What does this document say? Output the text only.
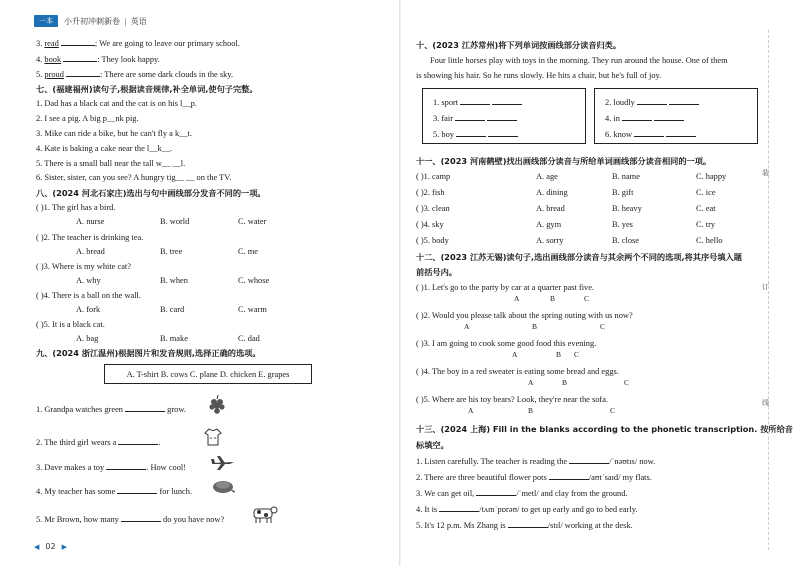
一本	小升初冲刺新卷 | 英语
3. read	; We are going to leave our primary school.
4. book	: They look happy.
5. proud	: There are some dark clouds in the sky.
七、(福建福州)读句子,根据读音规律,补全单词,使句子完整。
1. Dad has a black cat and the cat is on his l__p.
2. I see a pig. A big p__nk pig.
3. Mike can ride a bike, but he can't fly a k__t.
4. Kate is baking a cake near the l__k__.
5. There is a small ball near the tall w__ __l.
6. Sister, sister, can you see? A hungry tig__ __ on the TV.
八、(2024 河北石家庄)选出与句中画线部分发音不同的一项。
( )1. The girl has a bird.
A. nurse	B. world	C. water
( )2. The teacher is drinking tea.
A. bread	B. tree	C. me
( )3. Where is my white cat?
A. why	B. when	C. whose
( )4. There is a ball on the wall.
A. fork	B. card	C. warm
( )5. It is a black cat.
A. bag	B. make	C. dad
九、(2024 浙江温州)根据图片和发音规则,选择正确的选项。
A. T-shirt B. cows C. plane D. chicken E. grapes
1. Grandpa watches green	grow.
2. The third girl wears a	.
3. Dave makes a toy	. How cool!
4. My teacher has some	for lunch.
5. Mr Brown, how many	do you have now?
◀ 02 ▶
十、(2023 江苏常州)将下列单词按画线部分读音归类。
Four little horses play with toys in the morning. They run around the house. One of them
is showing his hair. So he runs slowly. He hits a chair, but he's full of joy.
1. sport
3. fair
5. boy
2. loudly
4. in
6. know
十一、(2023 河南鹤壁)找出画线部分读音与所给单词画线部分读音相同的一项。
( )1. camp	A. age	B. name	C. happy
( )2. fish	A. dining	B. gift	C. ice
( )3. clean	A. bread	B. heavy	C. eat
( )4. sky	A. gym	B. yes	C. try
( )5. body	A. sorry	B. close	C. hello
十二、(2023 江苏无锡)读句子,选出画线部分读音与其余两个不同的选项,将其序号填入题
前括号内。
( )1. Let's go to the party by car at a quarter past five.
A	B	C
( )2. Would you please talk about the spring outing with us now?
A	B	C
( )3. I am going to cook some good food this evening.
A	B C
( )4. The boy in a red sweater is eating some bread and eggs.
A	B	C
( )5. Where are his toy bears? Look, they're near the sofa.
A	B	C
十三、(2024 上海) Fill in the blanks according to the phonetic transcription. 按所给音
标填空。
1. Listen carefully. The teacher is reading the	/ˈnəʊtɪs/ now.
2. There are three beautiful flower pots	/aʊtˈsaɪd/ my flats.
3. We can get oil,	/ˈmetl/ and clay from the ground.
4. It is	/tʌmˈpɒrəʊ/ to get up early and go to bed early.
5. It's 12 p.m. Ms Zhang is	/stɪl/ working at the desk.
装
订
线
